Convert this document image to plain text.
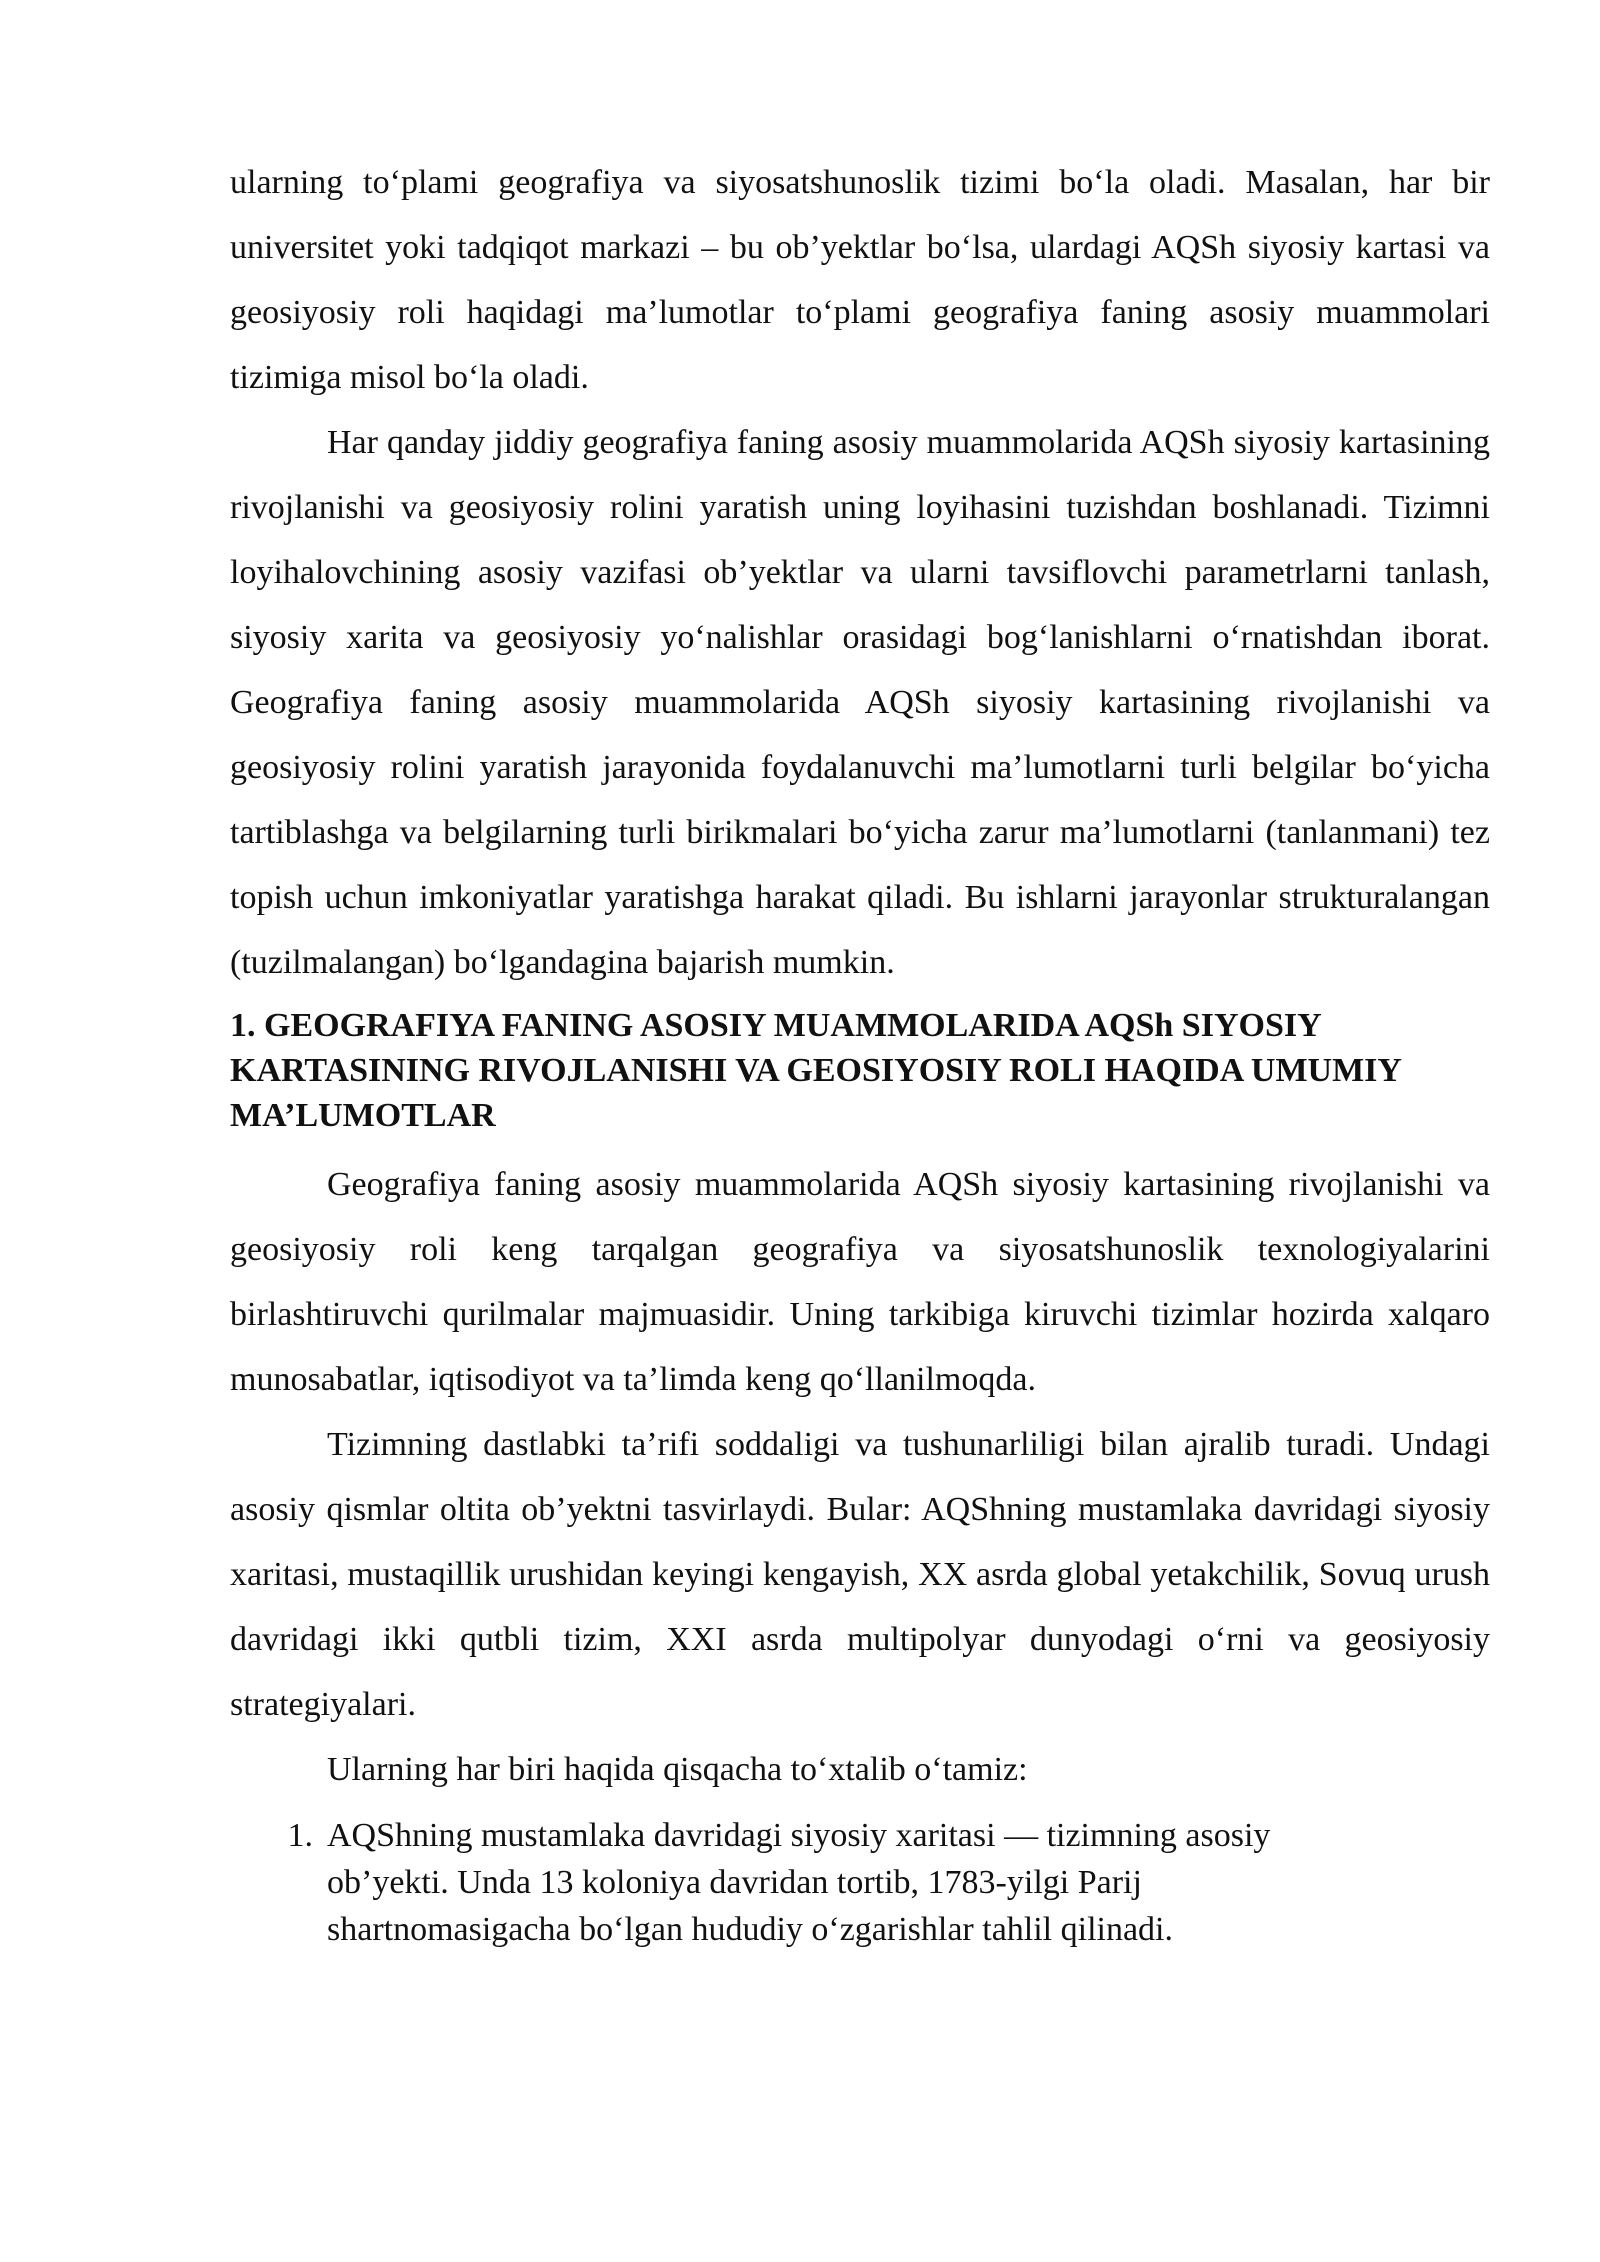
ularning to‘plami geografiya va siyosatshunoslik tizimi bo‘la oladi. Masalan, har bir universitet yoki tadqiqot markazi – bu ob’yektlar bo‘lsa, ulardagi AQSh siyosiy kartasi va geosiyosiy roli haqidagi ma’lumotlar to‘plami geografiya faning asosiy muammolari tizimiga misol bo‘la oladi.

Har qanday jiddiy geografiya faning asosiy muammolarida AQSh siyosiy kartasining rivojlanishi va geosiyosiy rolini yaratish uning loyihasini tuzishdan boshlanadi. Tizimni loyihalovchining asosiy vazifasi ob’yektlar va ularni tavsiflovchi parametrlarni tanlash, siyosiy xarita va geosiyosiy yo‘nalishlar orasidagi bog‘lanishlarni o‘rnatishdan iborat. Geografiya faning asosiy muammolarida AQSh siyosiy kartasining rivojlanishi va geosiyosiy rolini yaratish jarayonida foydalanuvchi ma’lumotlarni turli belgilar bo‘yicha tartiblashga va belgilarning turli birikmalari bo‘yicha zarur ma’lumotlarni (tanlanmani) tez topish uchun imkoniyatlar yaratishga harakat qiladi. Bu ishlarni jarayonlar strukturalangan (tuzilmalangan) bo‘lgandagina bajarish mumkin.

1. GEOGRAFIYA FANING ASOSIY MUAMMOLARIDA AQSh SIYOSIY KARTASINING RIVOJLANISHI VA GEOSIYOSIY ROLI HAQIDA UMUMIY MA’LUMOTLAR

Geografiya faning asosiy muammolarida AQSh siyosiy kartasining rivojlanishi va geosiyosiy roli keng tarqalgan geografiya va siyosatshunoslik texnologiyalarini birlashtiruvchi qurilmalar majmuasidir. Uning tarkibiga kiruvchi tizimlar hozirda xalqaro munosabatlar, iqtisodiyot va ta’limda keng qo‘llanilmoqda.

Tizimning dastlabki ta’rifi soddaligi va tushunarliligi bilan ajralib turadi. Undagi asosiy qismlar oltita ob’yektni tasvirlaydi. Bular: AQShning mustamlaka davridagi siyosiy xaritasi, mustaqillik urushidan keyingi kengayish, XX asrda global yetakchilik, Sovuq urush davridagi ikki qutbli tizim, XXI asrda multipolyar dunyodagi o‘rni va geosiyosiy strategiyalari.

Ularning har biri haqida qisqacha to‘xtalib o‘tamiz:

1. AQShning mustamlaka davridagi siyosiy xaritasi — tizimning asosiy ob’yekti. Unda 13 koloniya davridan tortib, 1783-yilgi Parij shartnomasigacha bo‘lgan hududiy o‘zgarishlar tahlil qilinadi.
